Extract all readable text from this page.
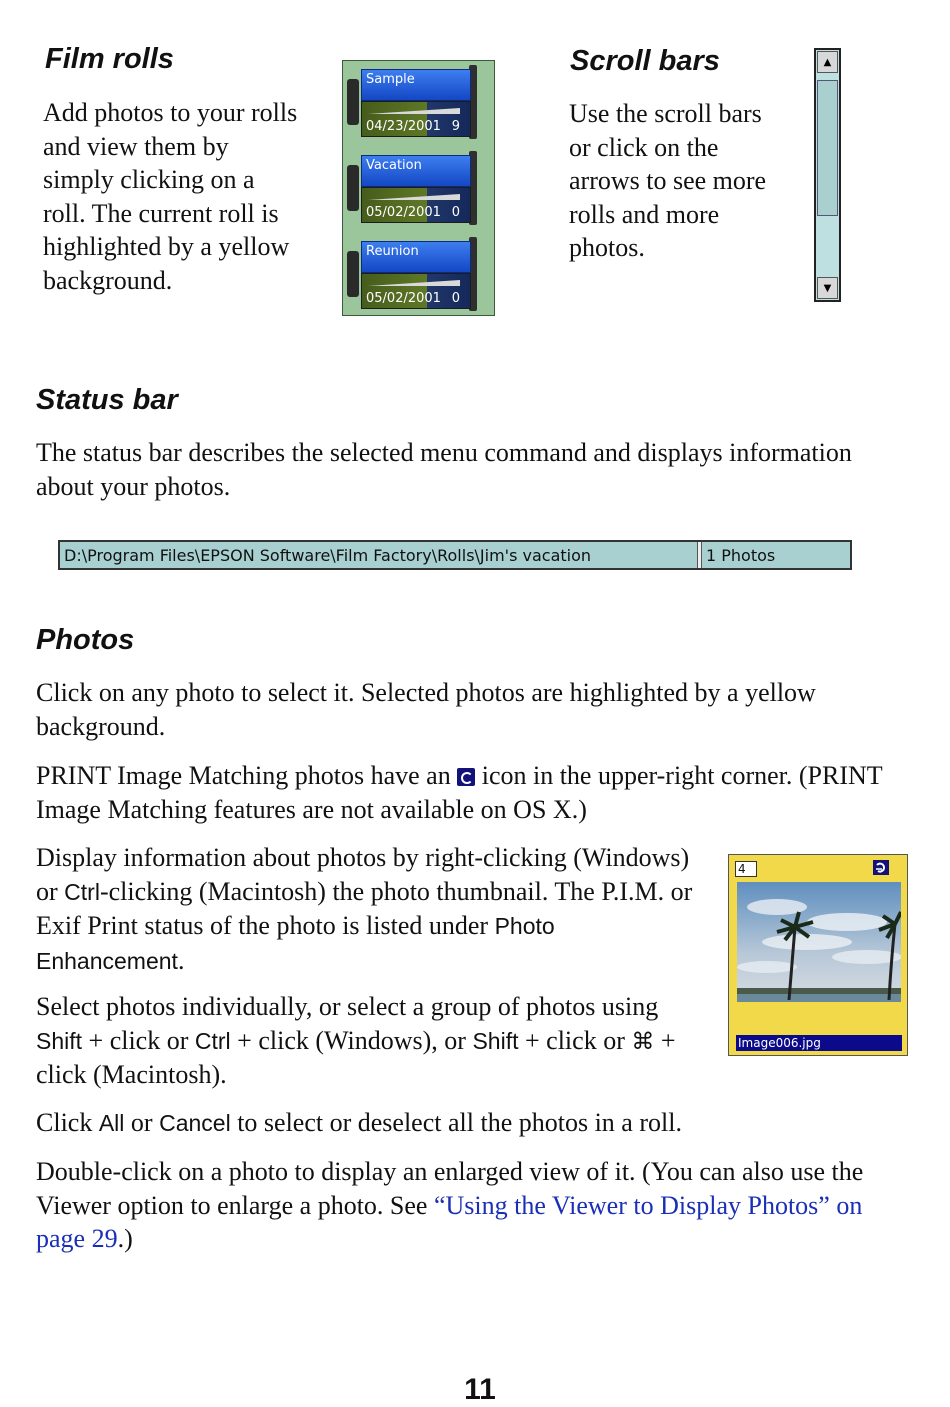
Film rolls

Add photos to your rolls and view them by simply clicking on a roll. The current roll is highlighted by a yellow background.

Sample
04/23/2001 9
Vacation
05/02/2001 0
Reunion
05/02/2001 0
Scroll bars

Use the scroll bars or click on the arrows to see more rolls and more photos.

▲
▼
Status bar

The status bar describes the selected menu command and displays information about your photos.

D:\Program Files\EPSON Software\Film Factory\Rolls\Jim's vacation	1 Photos
Photos

Click on any photo to select it. Selected photos are highlighted by a yellow background.

PRINT Image Matching photos have an  icon in the upper-right corner. (PRINT Image Matching features are not available on OS X.)

Display information about photos by right-clicking (Windows) or Ctrl-clicking (Macintosh) the photo thumbnail. The P.I.M. or Exif Print status of the photo is listed under Photo Enhancement.

Select photos individually, or select a group of photos using Shift + click or Ctrl + click (Windows), or Shift + click or ⌘ + click (Macintosh).

Click All or Cancel to select or deselect all the photos in a roll.

Double-click on a photo to display an enlarged view of it. (You can also use the Viewer option to enlarge a photo. See “Using the Viewer to Display Photos” on page 29.)

4
Image006.jpg
11
